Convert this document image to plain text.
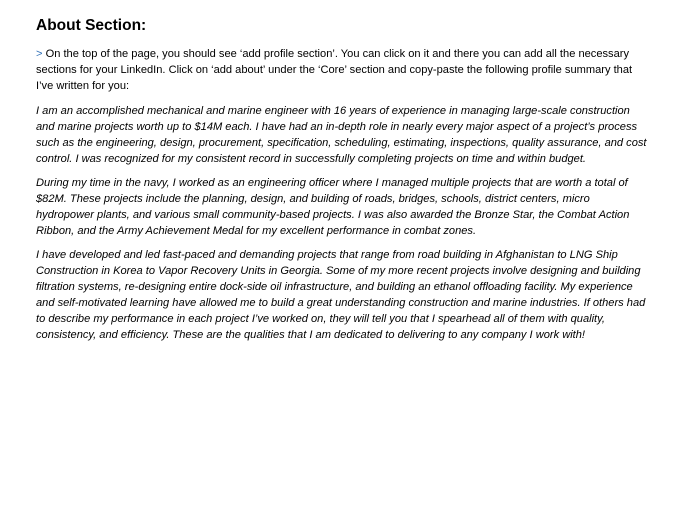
About Section:

> On the top of the page, you should see ‘add profile section’. You can click on it and there you can add all the necessary sections for your LinkedIn. Click on ‘add about’ under the ‘Core’ section and copy-paste the following profile summary that I’ve written for you:

I am an accomplished mechanical and marine engineer with 16 years of experience in managing large-scale construction and marine projects worth up to $14M each. I have had an in-depth role in nearly every major aspect of a project’s process such as the engineering, design, procurement, specification, scheduling, estimating, inspections, quality assurance, and cost control. I was recognized for my consistent record in successfully completing projects on time and within budget.

During my time in the navy, I worked as an engineering officer where I managed multiple projects that are worth a total of $82M. These projects include the planning, design, and building of roads, bridges, schools, district centers, micro hydropower plants, and various small community-based projects. I was also awarded the Bronze Star, the Combat Action Ribbon, and the Army Achievement Medal for my excellent performance in combat zones.

I have developed and led fast-paced and demanding projects that range from road building in Afghanistan to LNG Ship Construction in Korea to Vapor Recovery Units in Georgia. Some of my more recent projects involve designing and building filtration systems, re-designing entire dock-side oil infrastructure, and building an ethanol offloading facility. My experience and self-motivated learning have allowed me to build a great understanding construction and marine industries. If others had to describe my performance in each project I’ve worked on, they will tell you that I spearhead all of them with quality, consistency, and efficiency. These are the qualities that I am dedicated to delivering to any company I work with!
